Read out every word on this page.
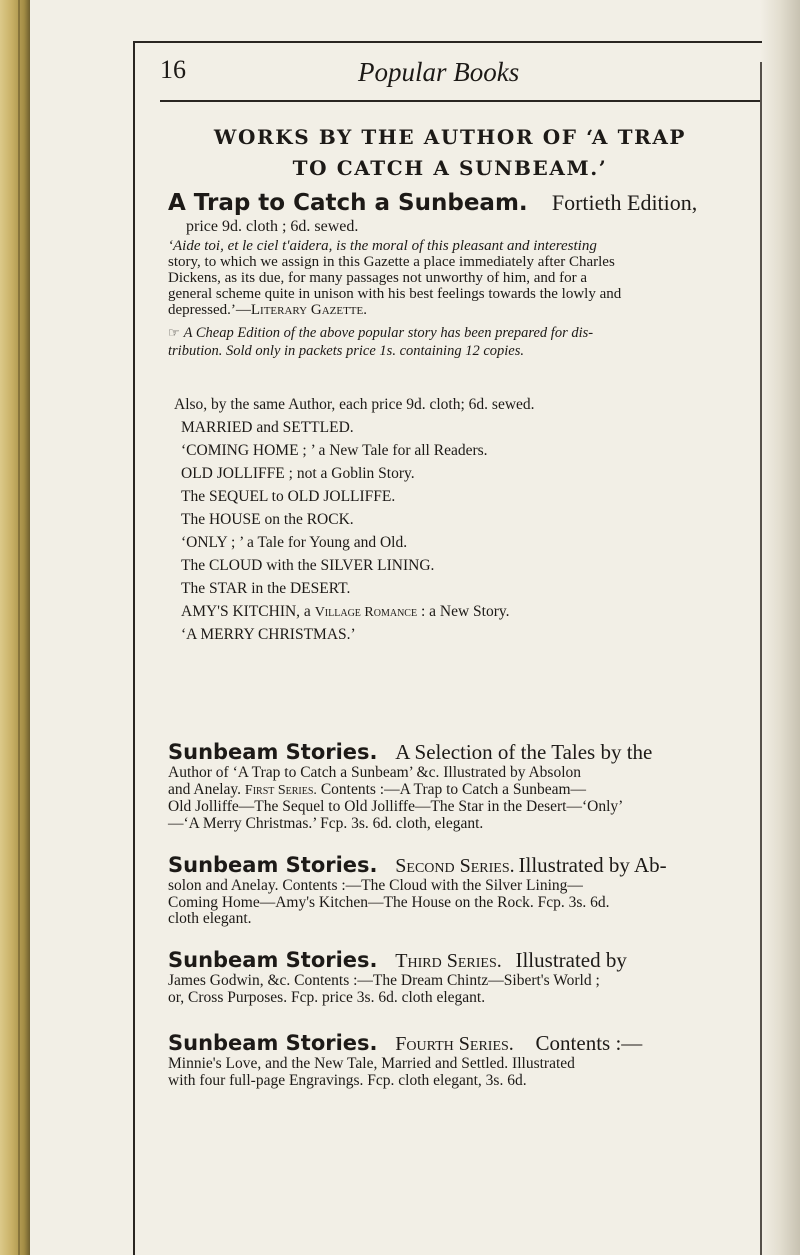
16	Popular Books
WORKS BY THE AUTHOR OF ‘A TRAP
TO CATCH A SUNBEAM.’
A Trap to Catch a Sunbeam. Fortieth Edition,
price 9d. cloth ; 6d. sewed.
‘Aide toi, et le ciel t'aidera, is the moral of this pleasant and interesting
story, to which we assign in this Gazette a place immediately after Charles
Dickens, as its due, for many passages not unworthy of him, and for a
general scheme quite in unison with his best feelings towards the lowly and
depressed.’—Literary Gazette.
☞ A Cheap Edition of the above popular story has been prepared for dis-
tribution. Sold only in packets price 1s. containing 12 copies.
Also, by the same Author, each price 9d. cloth; 6d. sewed.
MARRIED and SETTLED.
‘COMING HOME ; ’ a New Tale for all Readers.
OLD JOLLIFFE ; not a Goblin Story.
The SEQUEL to OLD JOLLIFFE.
The HOUSE on the ROCK.
‘ONLY ; ’ a Tale for Young and Old.
The CLOUD with the SILVER LINING.
The STAR in the DESERT.
AMY'S KITCHIN, a Village Romance : a New Story.
‘A MERRY CHRISTMAS.’
Sunbeam Stories. A Selection of the Tales by the
Author of ‘A Trap to Catch a Sunbeam’ &c. Illustrated by Absolon
and Anelay. First Series. Contents :—A Trap to Catch a Sunbeam—
Old Jolliffe—The Sequel to Old Jolliffe—The Star in the Desert—‘Only’
—‘A Merry Christmas.’ Fcp. 3s. 6d. cloth, elegant.
Sunbeam Stories. Second Series. Illustrated by Ab-
solon and Anelay. Contents :—The Cloud with the Silver Lining—
Coming Home—Amy's Kitchen—The House on the Rock. Fcp. 3s. 6d.
cloth elegant.
Sunbeam Stories. Third Series. Illustrated by
James Godwin, &c. Contents :—The Dream Chintz—Sibert's World ;
or, Cross Purposes. Fcp. price 3s. 6d. cloth elegant.
Sunbeam Stories. Fourth Series. Contents :—
Minnie's Love, and the New Tale, Married and Settled. Illustrated
with four full-page Engravings. Fcp. cloth elegant, 3s. 6d.
